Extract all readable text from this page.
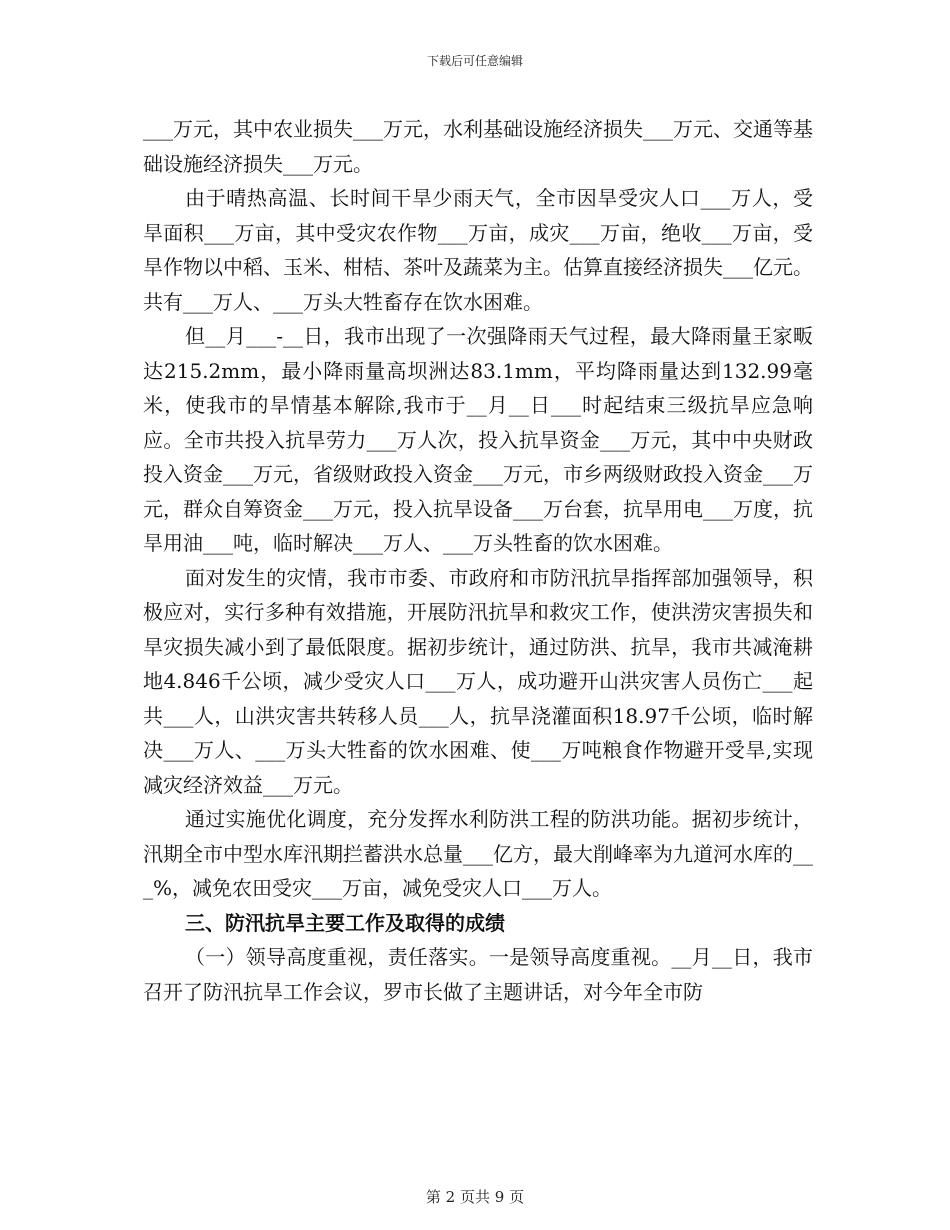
下载后可任意编辑

___万元，其中农业损失___万元，水利基础设施经济损失___万元、交通等基础设施经济损失___万元。

由于晴热高温、长时间干旱少雨天气，全市因旱受灾人口___万人，受旱面积___万亩，其中受灾农作物___万亩，成灾___万亩，绝收___万亩，受旱作物以中稻、玉米、柑桔、茶叶及蔬菜为主。估算直接经济损失___亿元。共有___万人、___万头大牲畜存在饮水困难。

但__月___-__日，我市出现了一次强降雨天气过程，最大降雨量王家畈达215.2mm，最小降雨量高坝洲达83.1mm，平均降雨量达到132.99毫米，使我市的旱情基本解除,我市于__月__日___时起结束三级抗旱应急响应。全市共投入抗旱劳力___万人次，投入抗旱资金___万元，其中中央财政投入资金___万元，省级财政投入资金___万元，市乡两级财政投入资金___万元，群众自筹资金___万元，投入抗旱设备___万台套，抗旱用电___万度，抗旱用油___吨，临时解决___万人、___万头牲畜的饮水困难。

面对发生的灾情，我市市委、市政府和市防汛抗旱指挥部加强领导，积极应对，实行多种有效措施，开展防汛抗旱和救灾工作，使洪涝灾害损失和旱灾损失减小到了最低限度。据初步统计，通过防洪、抗旱，我市共减淹耕地4.846千公顷，减少受灾人口___万人，成功避开山洪灾害人员伤亡___起共___人，山洪灾害共转移人员___人，抗旱浇灌面积18.97千公顷，临时解决___万人、___万头大牲畜的饮水困难、使___万吨粮食作物避开受旱,实现减灾经济效益___万元。

通过实施优化调度，充分发挥水利防洪工程的防洪功能。据初步统计，汛期全市中型水库汛期拦蓄洪水总量___亿方，最大削峰率为九道河水库的___%，减免农田受灾___万亩，减免受灾人口___万人。

三、防汛抗旱主要工作及取得的成绩

（一）领导高度重视，责任落实。一是领导高度重视。__月__日，我市召开了防汛抗旱工作会议，罗市长做了主题讲话，对今年全市防

第 2 页共 9 页
